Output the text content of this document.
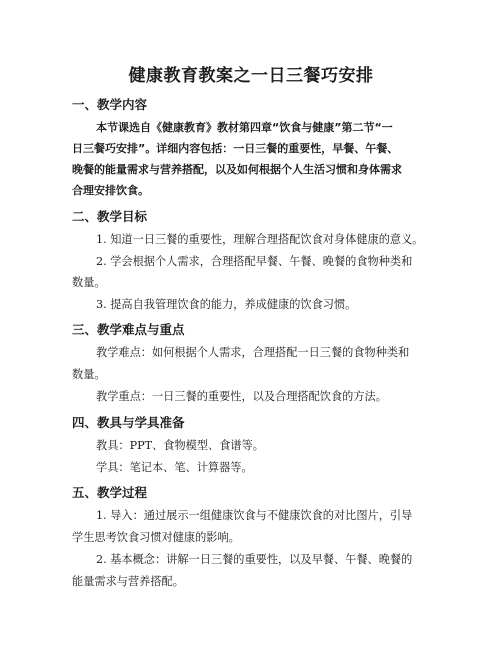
健康教育教案之一日三餐巧安排
一、教学内容
本节课选自《健康教育》教材第四章“饮食与健康”第二节“一
日三餐巧安排”。详细内容包括：一日三餐的重要性，早餐、午餐、
晚餐的能量需求与营养搭配，以及如何根据个人生活习惯和身体需求
合理安排饮食。
二、教学目标
1. 知道一日三餐的重要性，理解合理搭配饮食对身体健康的意义。
2. 学会根据个人需求，合理搭配早餐、午餐、晚餐的食物种类和
数量。
3. 提高自我管理饮食的能力，养成健康的饮食习惯。
三、教学难点与重点
教学难点：如何根据个人需求，合理搭配一日三餐的食物种类和
数量。
教学重点：一日三餐的重要性，以及合理搭配饮食的方法。
四、教具与学具准备
教具：PPT、食物模型、食谱等。
学具：笔记本、笔、计算器等。
五、教学过程
1. 导入：通过展示一组健康饮食与不健康饮食的对比图片，引导
学生思考饮食习惯对健康的影响。
2. 基本概念：讲解一日三餐的重要性，以及早餐、午餐、晚餐的
能量需求与营养搭配。
